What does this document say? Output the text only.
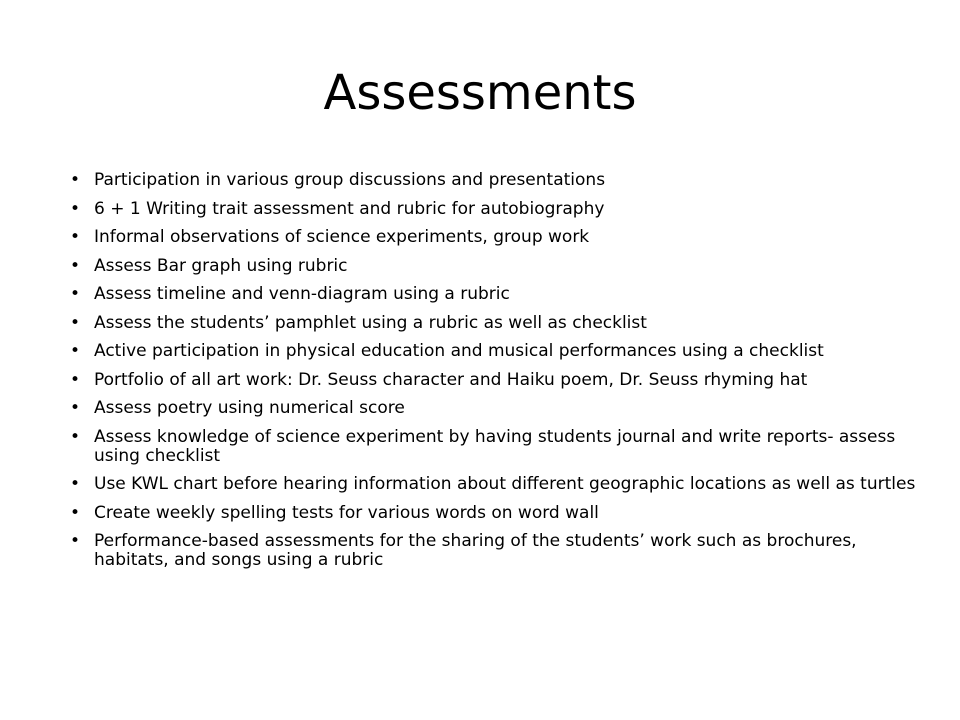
Assessments
• Participation in various group discussions and presentations
• 6 + 1 Writing trait assessment and rubric for autobiography
• Informal observations of science experiments, group work
• Assess Bar graph using rubric
• Assess timeline and venn-diagram using a rubric
• Assess the students’ pamphlet using a rubric as well as checklist
• Active participation in physical education and musical performances using a checklist
• Portfolio of all art work: Dr. Seuss character and Haiku poem, Dr. Seuss rhyming hat
• Assess poetry using numerical score
• Assess knowledge of science experiment by having students journal and write reports- assess using checklist
• Use KWL chart before hearing information about different geographic locations as well as turtles
• Create weekly spelling tests for various words on word wall
• Performance-based assessments for the sharing of the students’ work such as brochures, habitats, and songs using a rubric
